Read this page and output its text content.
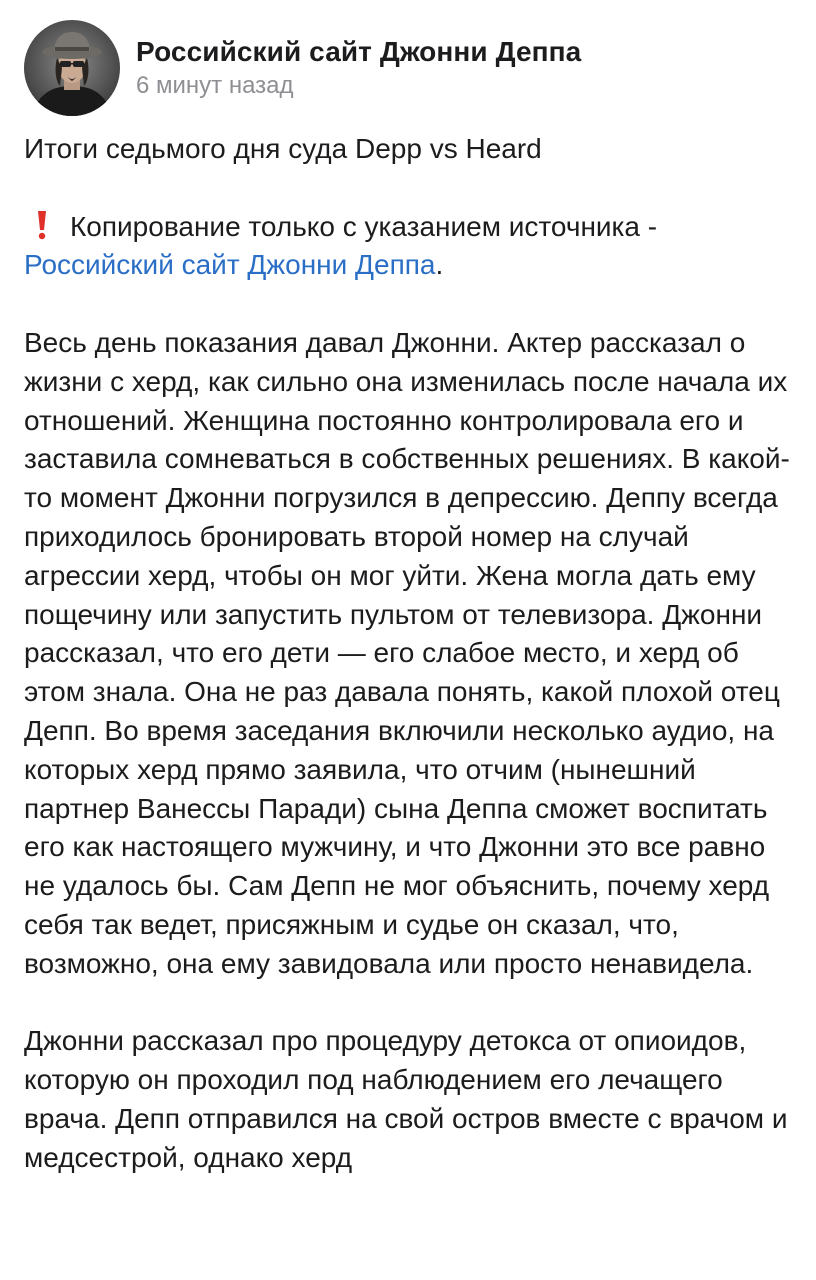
Российский сайт Джонни Деппа
6 минут назад

Итоги седьмого дня суда Depp vs Heard

Копирование только с указанием источника -
Российский сайт Джонни Деппа.

Весь день показания давал Джонни. Актер рассказал о жизни с херд, как сильно она изменилась после начала их отношений. Женщина постоянно контролировала его и заставила сомневаться в собственных решениях. В какой-то момент Джонни погрузился в депрессию. Деппу всегда приходилось бронировать второй номер на случай агрессии херд, чтобы он мог уйти. Жена могла дать ему пощечину или запустить пультом от телевизора. Джонни рассказал, что его дети — его слабое место, и херд об этом знала. Она не раз давала понять, какой плохой отец Депп. Во время заседания включили несколько аудио, на которых херд прямо заявила, что отчим (нынешний партнер Ванессы Паради) сына Деппа сможет воспитать его как настоящего мужчину, и что Джонни это все равно не удалось бы. Сам Депп не мог объяснить, почему херд себя так ведет, присяжным и судье он сказал, что, возможно, она ему завидовала или просто ненавидела.

Джонни рассказал про процедуру детокса от опиоидов, которую он проходил под наблюдением его лечащего врача. Депп отправился на свой остров вместе с врачом и медсестрой, однако херд
